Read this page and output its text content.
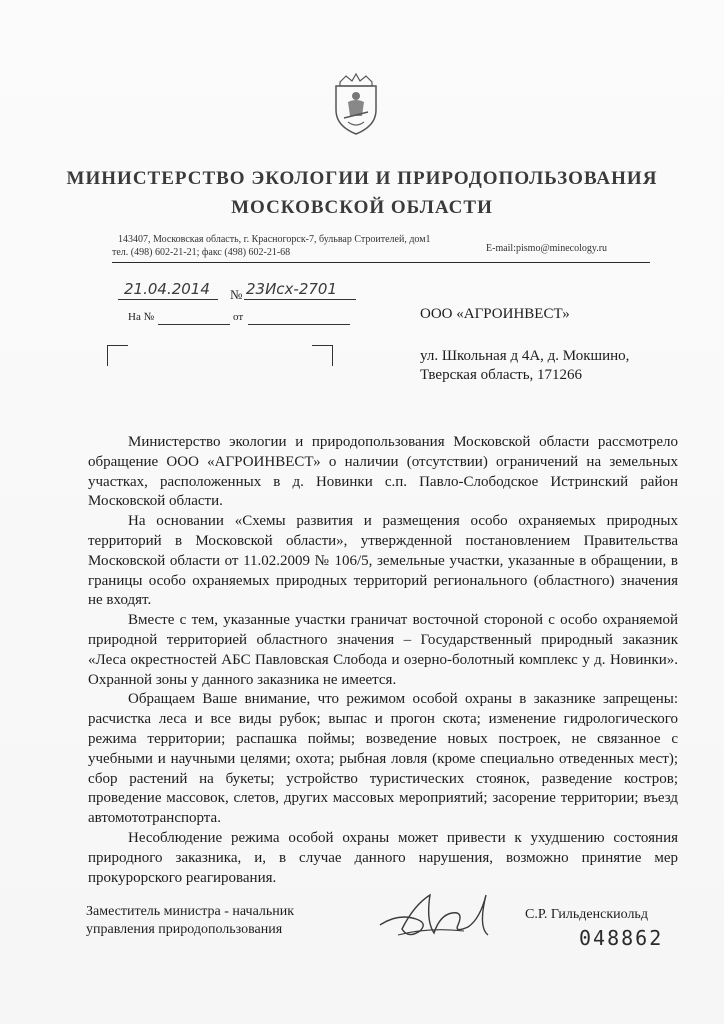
МИНИСТЕРСТВО ЭКОЛОГИИ И ПРИРОДОПОЛЬЗОВАНИЯ
МОСКОВСКОЙ ОБЛАСТИ
143407, Московская область, г. Красногорск-7, бульвар Строителей, дом1
тел. (498) 602-21-21; факс (498) 602-21-68	E-mail:pismo@mineсology.ru
21.04.2014 № 23Исх-2701
На №	от	ООО «АГРОИНВЕСТ»
ул. Школьная д 4А, д. Мокшино,
Тверская область, 171266

Министерство экологии и природопользования Московской области рассмотрело обращение ООО «АГРОИНВЕСТ» о наличии (отсутствии) ограничений на земельных участках, расположенных в д. Новинки с.п. Павло-Слободское Истринский район Московской области.

На основании «Схемы развития и размещения особо охраняемых природных территорий в Московской области», утвержденной постановлением Правительства Московской области от 11.02.2009 № 106/5, земельные участки, указанные в обращении, в границы особо охраняемых природных территорий регионального (областного) значения не входят.

Вместе с тем, указанные участки граничат восточной стороной с особо охраняемой природной территорией областного значения – Государственный природный заказник «Леса окрестностей АБС Павловская Слобода и озерно-болотный комплекс у д. Новинки». Охранной зоны у данного заказника не имеется.

Обращаем Ваше внимание, что режимом особой охраны в заказнике запрещены: расчистка леса и все виды рубок; выпас и прогон скота; изменение гидрологического режима территории; распашка поймы; возведение новых построек, не связанное с учебными и научными целями; охота; рыбная ловля (кроме специально отведенных мест); сбор растений на букеты; устройство туристических стоянок, разведение костров; проведение массовок, слетов, других массовых мероприятий; засорение территории; въезд автомототранспорта.

Несоблюдение режима особой охраны может привести к ухудшению состояния природного заказника, и, в случае данного нарушения, возможно принятие мер прокурорского реагирования.

Заместитель министра - начальник
управления природопользования
С.Р. Гильденскиольд
048862
